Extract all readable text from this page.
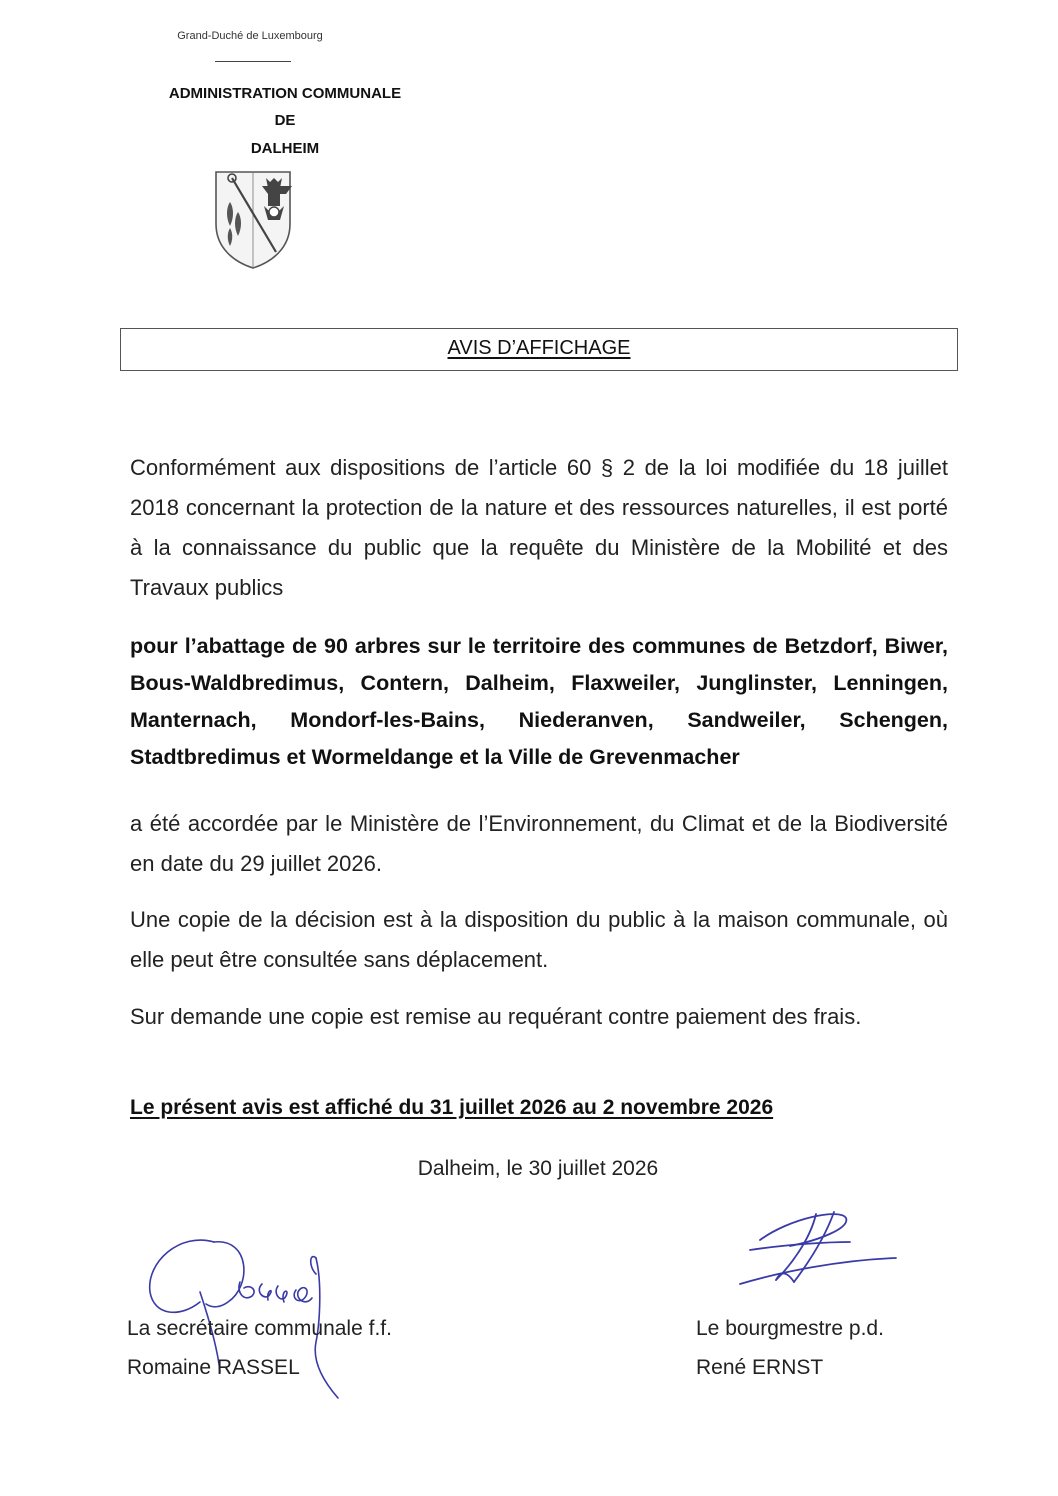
Grand-Duché de Luxembourg
ADMINISTRATION COMMUNALE
DE
DALHEIM
AVIS D’AFFICHAGE
Conformément aux dispositions de l’article 60 § 2 de la loi modifiée du 18 juillet 2018 concernant la protection de la nature et des ressources naturelles, il est porté à la connaissance du public que la requête du Ministère de la Mobilité et des Travaux publics
pour l’abattage de 90 arbres sur le territoire des communes de Betzdorf, Biwer, Bous-Waldbredimus, Contern, Dalheim, Flaxweiler, Junglinster, Lenningen, Manternach, Mondorf-les-Bains, Niederanven, Sandweiler, Schengen, Stadtbredimus et Wormeldange et la Ville de Grevenmacher
a été accordée par le Ministère de l’Environnement, du Climat et de la Biodiversité en date du 29 juillet 2026.
Une copie de la décision est à la disposition du public à la maison communale, où elle peut être consultée sans déplacement.
Sur demande une copie est remise au requérant contre paiement des frais.
Le présent avis est affiché du 31 juillet 2026 au 2 novembre 2026
Dalheim, le 30 juillet 2026
La secrétaire communale f.f.
Romaine RASSEL
Le bourgmestre p.d.
René ERNST
